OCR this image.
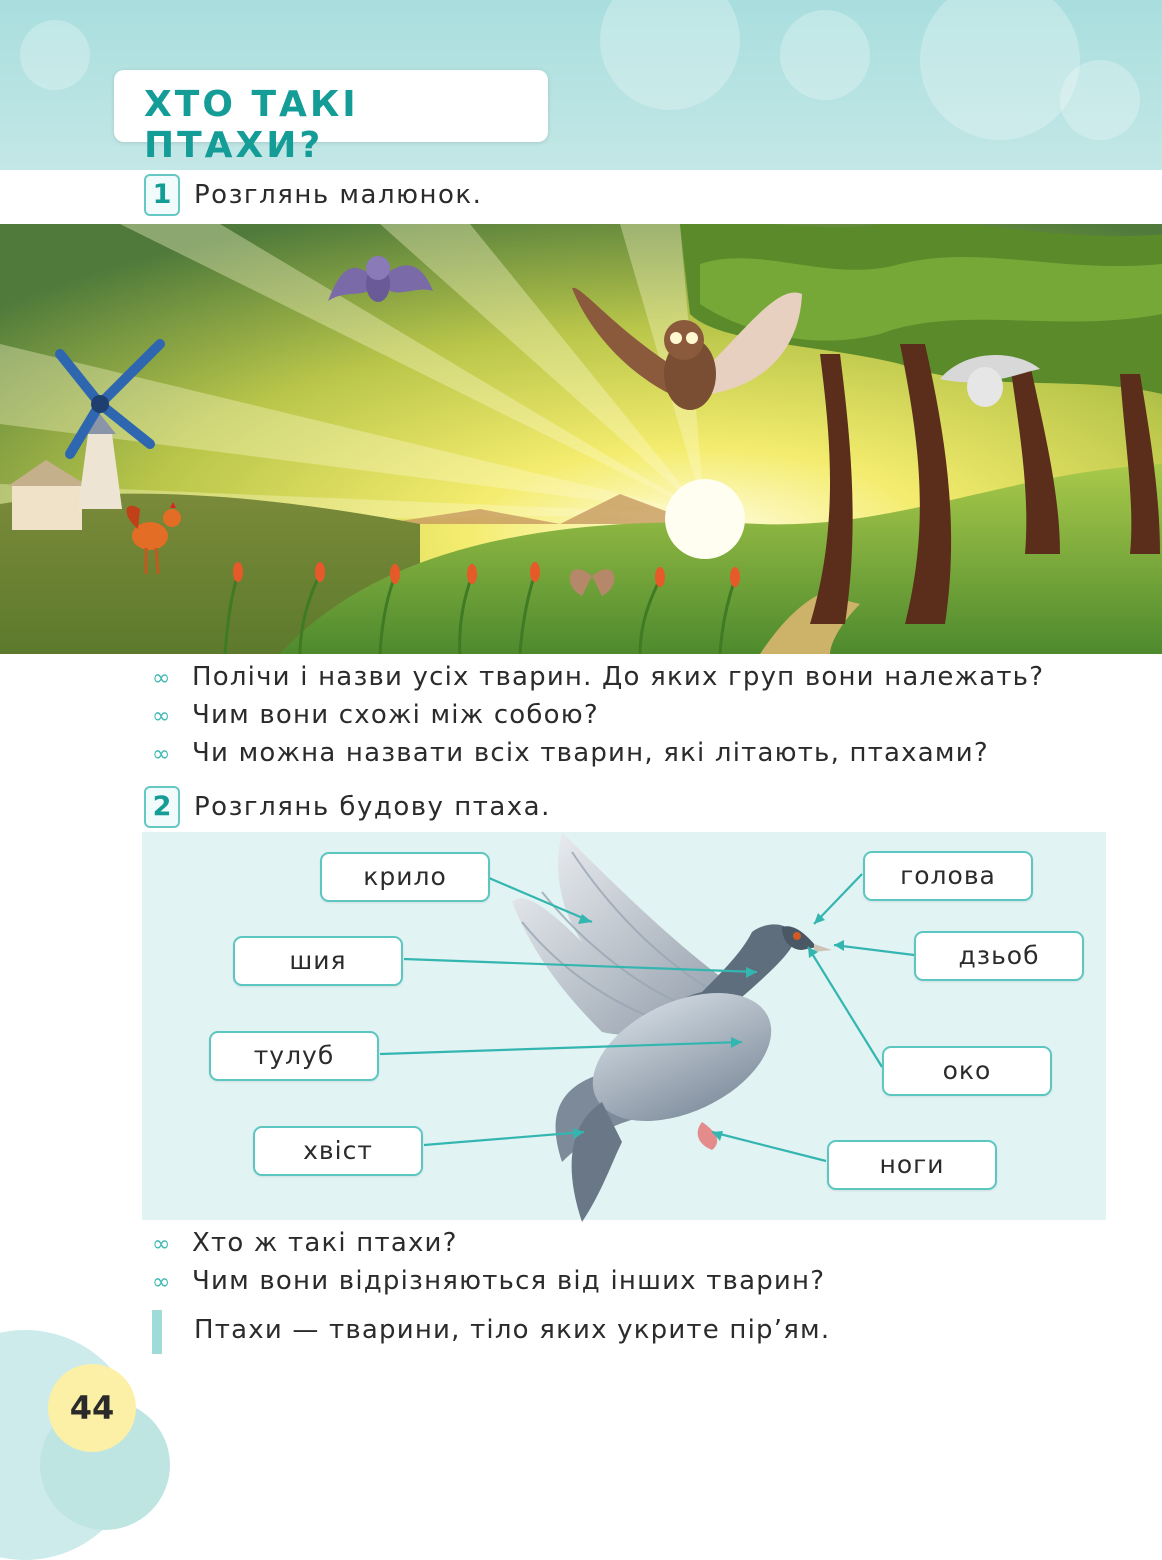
ХТО ТАКІ ПТАХИ?
1 Розглянь малюнок.
∞ Полічи і назви усіх тварин. До яких груп вони належать?
∞ Чим вони схожі між собою?
∞ Чи можна назвати всіх тварин, які літають, птахами?
2 Розглянь будову птаха.
крило
шия
тулуб
хвіст
голова
дзьоб
око
ноги
∞ Хто ж такі птахи?
∞ Чим вони відрізняються від інших тварин?
Птахи — тварини, тіло яких укрите пір’ям.
44
